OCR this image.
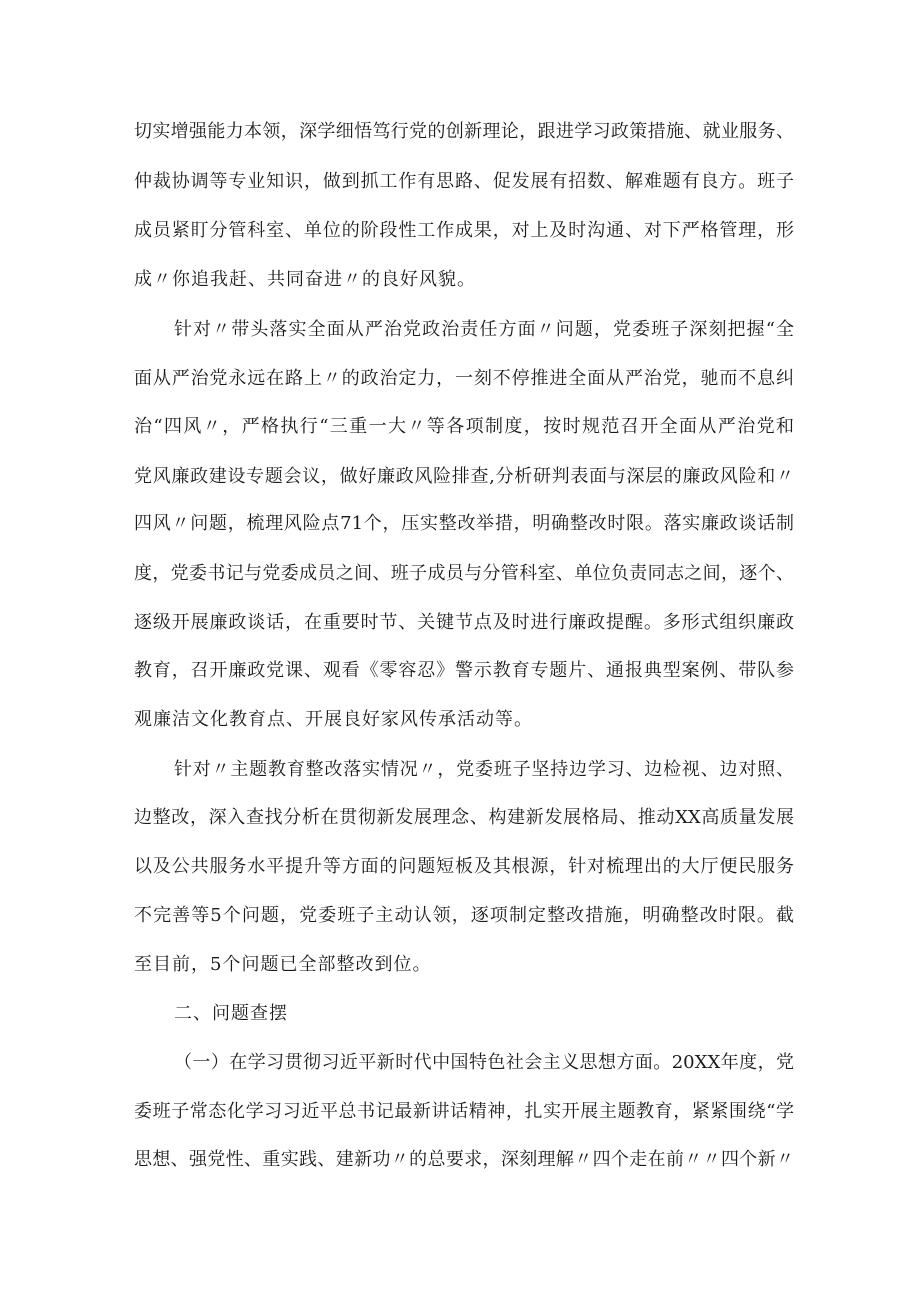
切实增强能力本领，深学细悟笃行党的创新理论，跟进学习政策措施、就业服务、
仲裁协调等专业知识，做到抓工作有思路、促发展有招数、解难题有良方。班子
成员紧盯分管科室、单位的阶段性工作成果，对上及时沟通、对下严格管理，形
成〃你追我赶、共同奋进〃的良好风貌。
针对〃带头落实全面从严治党政治责任方面〃问题，党委班子深刻把握“全
面从严治党永远在路上〃的政治定力，一刻不停推进全面从严治党，驰而不息纠
治“四风〃，严格执行“三重一大〃等各项制度，按时规范召开全面从严治党和
党风廉政建设专题会议，做好廉政风险排查,分析研判表面与深层的廉政风险和〃
四风〃问题，梳理风险点71个，压实整改举措，明确整改时限。落实廉政谈话制
度，党委书记与党委成员之间、班子成员与分管科室、单位负责同志之间，逐个、
逐级开展廉政谈话，在重要时节、关键节点及时进行廉政提醒。多形式组织廉政
教育，召开廉政党课、观看《零容忍》警示教育专题片、通报典型案例、带队参
观廉洁文化教育点、开展良好家风传承活动等。
针对〃主题教育整改落实情况〃，党委班子坚持边学习、边检视、边对照、
边整改，深入查找分析在贯彻新发展理念、构建新发展格局、推动XX高质量发展
以及公共服务水平提升等方面的问题短板及其根源，针对梳理出的大厅便民服务
不完善等5个问题，党委班子主动认领，逐项制定整改措施，明确整改时限。截
至目前，5个问题已全部整改到位。
二、问题查摆
（一）在学习贯彻习近平新时代中国特色社会主义思想方面。20XX年度，党
委班子常态化学习习近平总书记最新讲话精神，扎实开展主题教育，紧紧围绕“学
思想、强党性、重实践、建新功〃的总要求，深刻理解〃四个走在前〃〃四个新〃
